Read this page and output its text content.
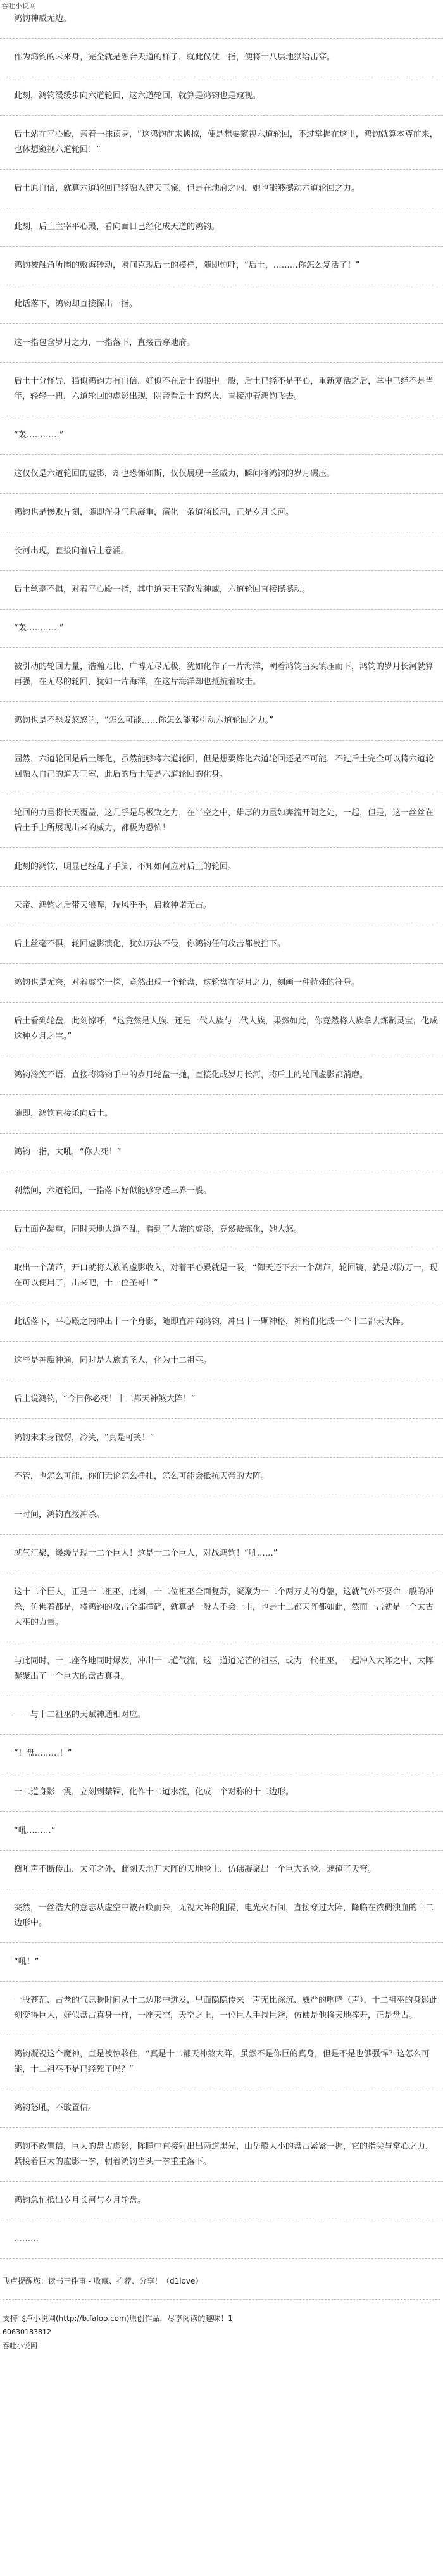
吞吐小说网
鸿钧神威无边。
作为鸿钧的未来身，完全就是融合天道的样子，就此仪仗一指，便将十八层地狱给击穿。
此刻，鸿钧缓缓步向六道轮回，这六道轮回，就算是鸿钧也是窥视。
后土站在平心殿，亲着一抹读身，“这鸿钧前来掳掠，便是想要窥视六道轮回，不过掌握在这里，鸿钧就算本尊前来，也休想窥视六道轮回！”
后土原自信，就算六道轮回已经融入建天玉棠，但是在地府之内，她也能够撼动六道轮回之力。
此刻，后土主宰平心殿，看向面目已经化成天道的鸿钧。
鸿钧被触角所围的敷海砂动，瞬间克现后土的模样，随即惊呼，“后土，………你怎么复活了！”
此话落下，鸿钧却直接探出一指。
这一指包含岁月之力，一指落下，直接击穿地府。
后土十分怪异，猫似鸿钧力有自信，好似不在后土的眼中一般，后土已经不是平心，重新复活之后，掌中已经不是当年，轻轻一扭，六道轮回的虚影出现，阴帝看后土的怒火，直接冲着鸿钧飞去。
“轰…………”
这仅仅是六道轮回的虚影，却也恐怖如斯，仅仅展现一丝威力，瞬间将鸿钧的岁月碾压。
鸿钧也是惨败片刻，随即浑身气息凝重，演化一条道涵长河，正是岁月长河。
长河出现，直接向着后土卷涌。
后土丝毫不惧，对着平心殿一指，其中道天王室散发神威，六道轮回直接撼撼动。
“轰…………”
被引动的轮回力量，浩瀚无比，广博无尽无极，犹如化作了一片海洋，朝着鸿钧当头镇压而下，鸿钧的岁月长河就算再强，在无尽的轮回，犹如一片海洋，在这片海洋却也抵抗着攻击。
鸿钧也是不恐发怒怒吼，“怎么可能……你怎么能够引动六道轮回之力。”
固然，六道轮回是后土炼化，虽然能够将六道轮回，但是想要炼化六道轮回还是不可能，不过后土完全可以将六道轮回融入自己的道天王室，此后的后土便是六道轮回的化身。
轮回的力量将长天覆盖，这几乎是尽极致之力，在半空之中，雄厚的力量如奔流开阔之处，一起，但是，这一丝丝在后土手上所展现出来的威力，都极为恐怖！
此刻的鸿钧，明显已经乱了手脚，不知如何应对后土的轮回。
天帝、鸿钧之后带天狼嗥，瑞风乎乎，启敕神诺无古。
后土丝毫不惧，轮回虚影演化，犹如万法不侵，你鸿钧任何攻击都被挡下。
鸿钧也是无奈，对着虚空一探，竟然出现一个轮盘，这轮盘在岁月之力，刻画一种特殊的符号。
后土看到轮盘，此刻惊呼，“这竟然是人族、还是一代人族与二代人族，果然如此，你竟然将人族拿去炼制灵宝，化成这种岁月之宝。”
鸿钧冷笑不语，直接将鸿钧手中的岁月轮盘一抛，直接化成岁月长河，将后土的轮回虚影都消磨。
随即，鸿钧直接杀向后土。
鸿钧一指，大吼，“你去死！”
刹然间，六道轮回，一指落下好似能够穿透三界一般。
后土面色凝重，同时天地大道不乱，看到了人族的虚影，竟然被炼化，她大怒。
取出一个葫芦，开口就将人族的虚影收入，对着平心殿就是一吸，“御天还下去一个葫芦，轮回镜，就是以防万一，现在可以使用了，出来吧，十一位圣哥！”
此话落下，平心殿之内冲出十一个身影，随即直冲向鸿钧，冲出十一颗神格，神格们化成一个十二都天大阵。
这些是神魔神通，同时是人族的圣人，化为十二祖巫。
后土说鸿钧，“今日你必死！十二都天神煞大阵！”
鸿钧未来身微愣，冷笑，“真是可笑！”
不管，也怎么可能，你们无论怎么挣扎，怎么可能会抵抗天帝的大阵。
一时间，鸿钧直接冲杀。
就气汇聚，缓缓呈现十二个巨人！这是十二个巨人，对战鸿钧！“吼……”
这十二个巨人，正是十二祖巫，此刻，十二位祖巫全面复苏，凝聚为十二个两万丈的身躯，这就气外不要命一般的冲杀，仿佛着都是，将鸿钧的攻击全部撞碎，就算是一般人不会一击，也是十二都天阵都如此，然而一击就是一个太古大巫的力量。
与此同时，十二座各地同时爆发，冲出十二道气流，这一道道光芒的祖巫，或为一代祖巫，一起冲入大阵之中，大阵凝聚出了一个巨大的盘古真身。
——与十二祖巫的天赋神通相对应。
“！盘………！”
十二道身影一震，立刻到禁锢，化作十二道水流，化成一个对称的十二边形。
“吼………”
衡吼声不断传出，大阵之外，此刻天地开大阵的天地脸上，仿佛凝聚出一个巨大的脸，遮掩了天穹。
突然，一丝浩大的意志从虚空中被召唤而来，无视大阵的阻隔，电光火石间，直接穿过大阵，降临在浓稠浊血的十二边形中。
“吼！”
一股苍茫、古老的气息瞬时间从十二边形中迸发，里面隐隐传来一声无比深沉、威严的咆哮（声），十二祖巫的身影此刻变得巨大，好似盘古真身一样，一座天空，天空之上，一位巨人手持巨斧，仿佛是他将天地撑开，正是盘古。
鸿钧凝视这个魔神，直是被惊骇住，“真是十二都天神煞大阵，虽然不是你巨的真身，但是不是也够强悍？这怎么可能，十二祖巫不是已经死了吗？”
鸿钧怒吼，不敢置信。
鸿钧不敢置信，巨大的盘古虚影，眸瞳中直接射出出两道黑光，山岳般大小的盘古紧紧一握，它的指尖与掌心之力，紧接着巨大的虚影一拳，朝着鸿钧当头一拳重重落下。
鸿钧急忙抵出岁月长河与岁月轮盘。
………
飞卢提醒您：读书三件事 - 收藏、推荐、分享！（d1love）
支持飞卢小说网(http://b.faloo.com)原创作品，尽享阅读的趣味！1
60630183812
吞吐小说网
